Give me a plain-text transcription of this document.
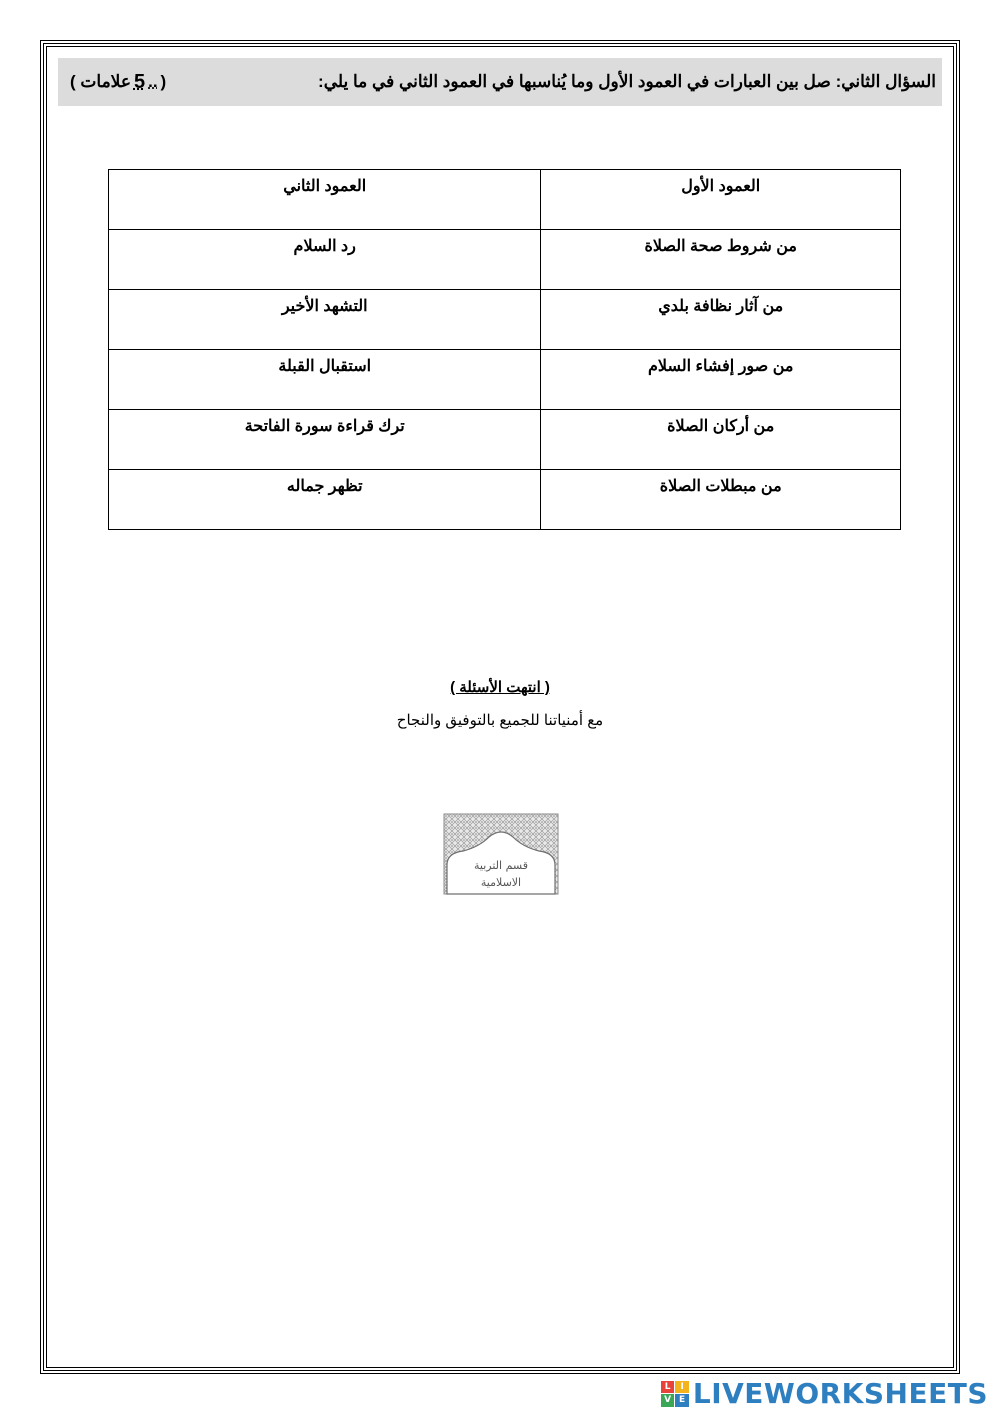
السؤال الثاني: صل بين العبارات في العمود الأول وما يُناسبها في العمود الثاني في ما يلي:
(
..
5
علامات )
العمود الأول	العمود الثاني
من شروط صحة الصلاة	رد السلام
من آثار نظافة بلدي	التشهد الأخير
من صور إفشاء السلام	استقبال القبلة
من أركان الصلاة	ترك قراءة سورة الفاتحة
من مبطلات الصلاة	تظهر جماله
( انتهت الأسئلة )
مع أمنياتنا للجميع بالتوفيق والنجاح
قسم التربية
الاسلامية
L	I
V E LIVEWORKSHEETS
